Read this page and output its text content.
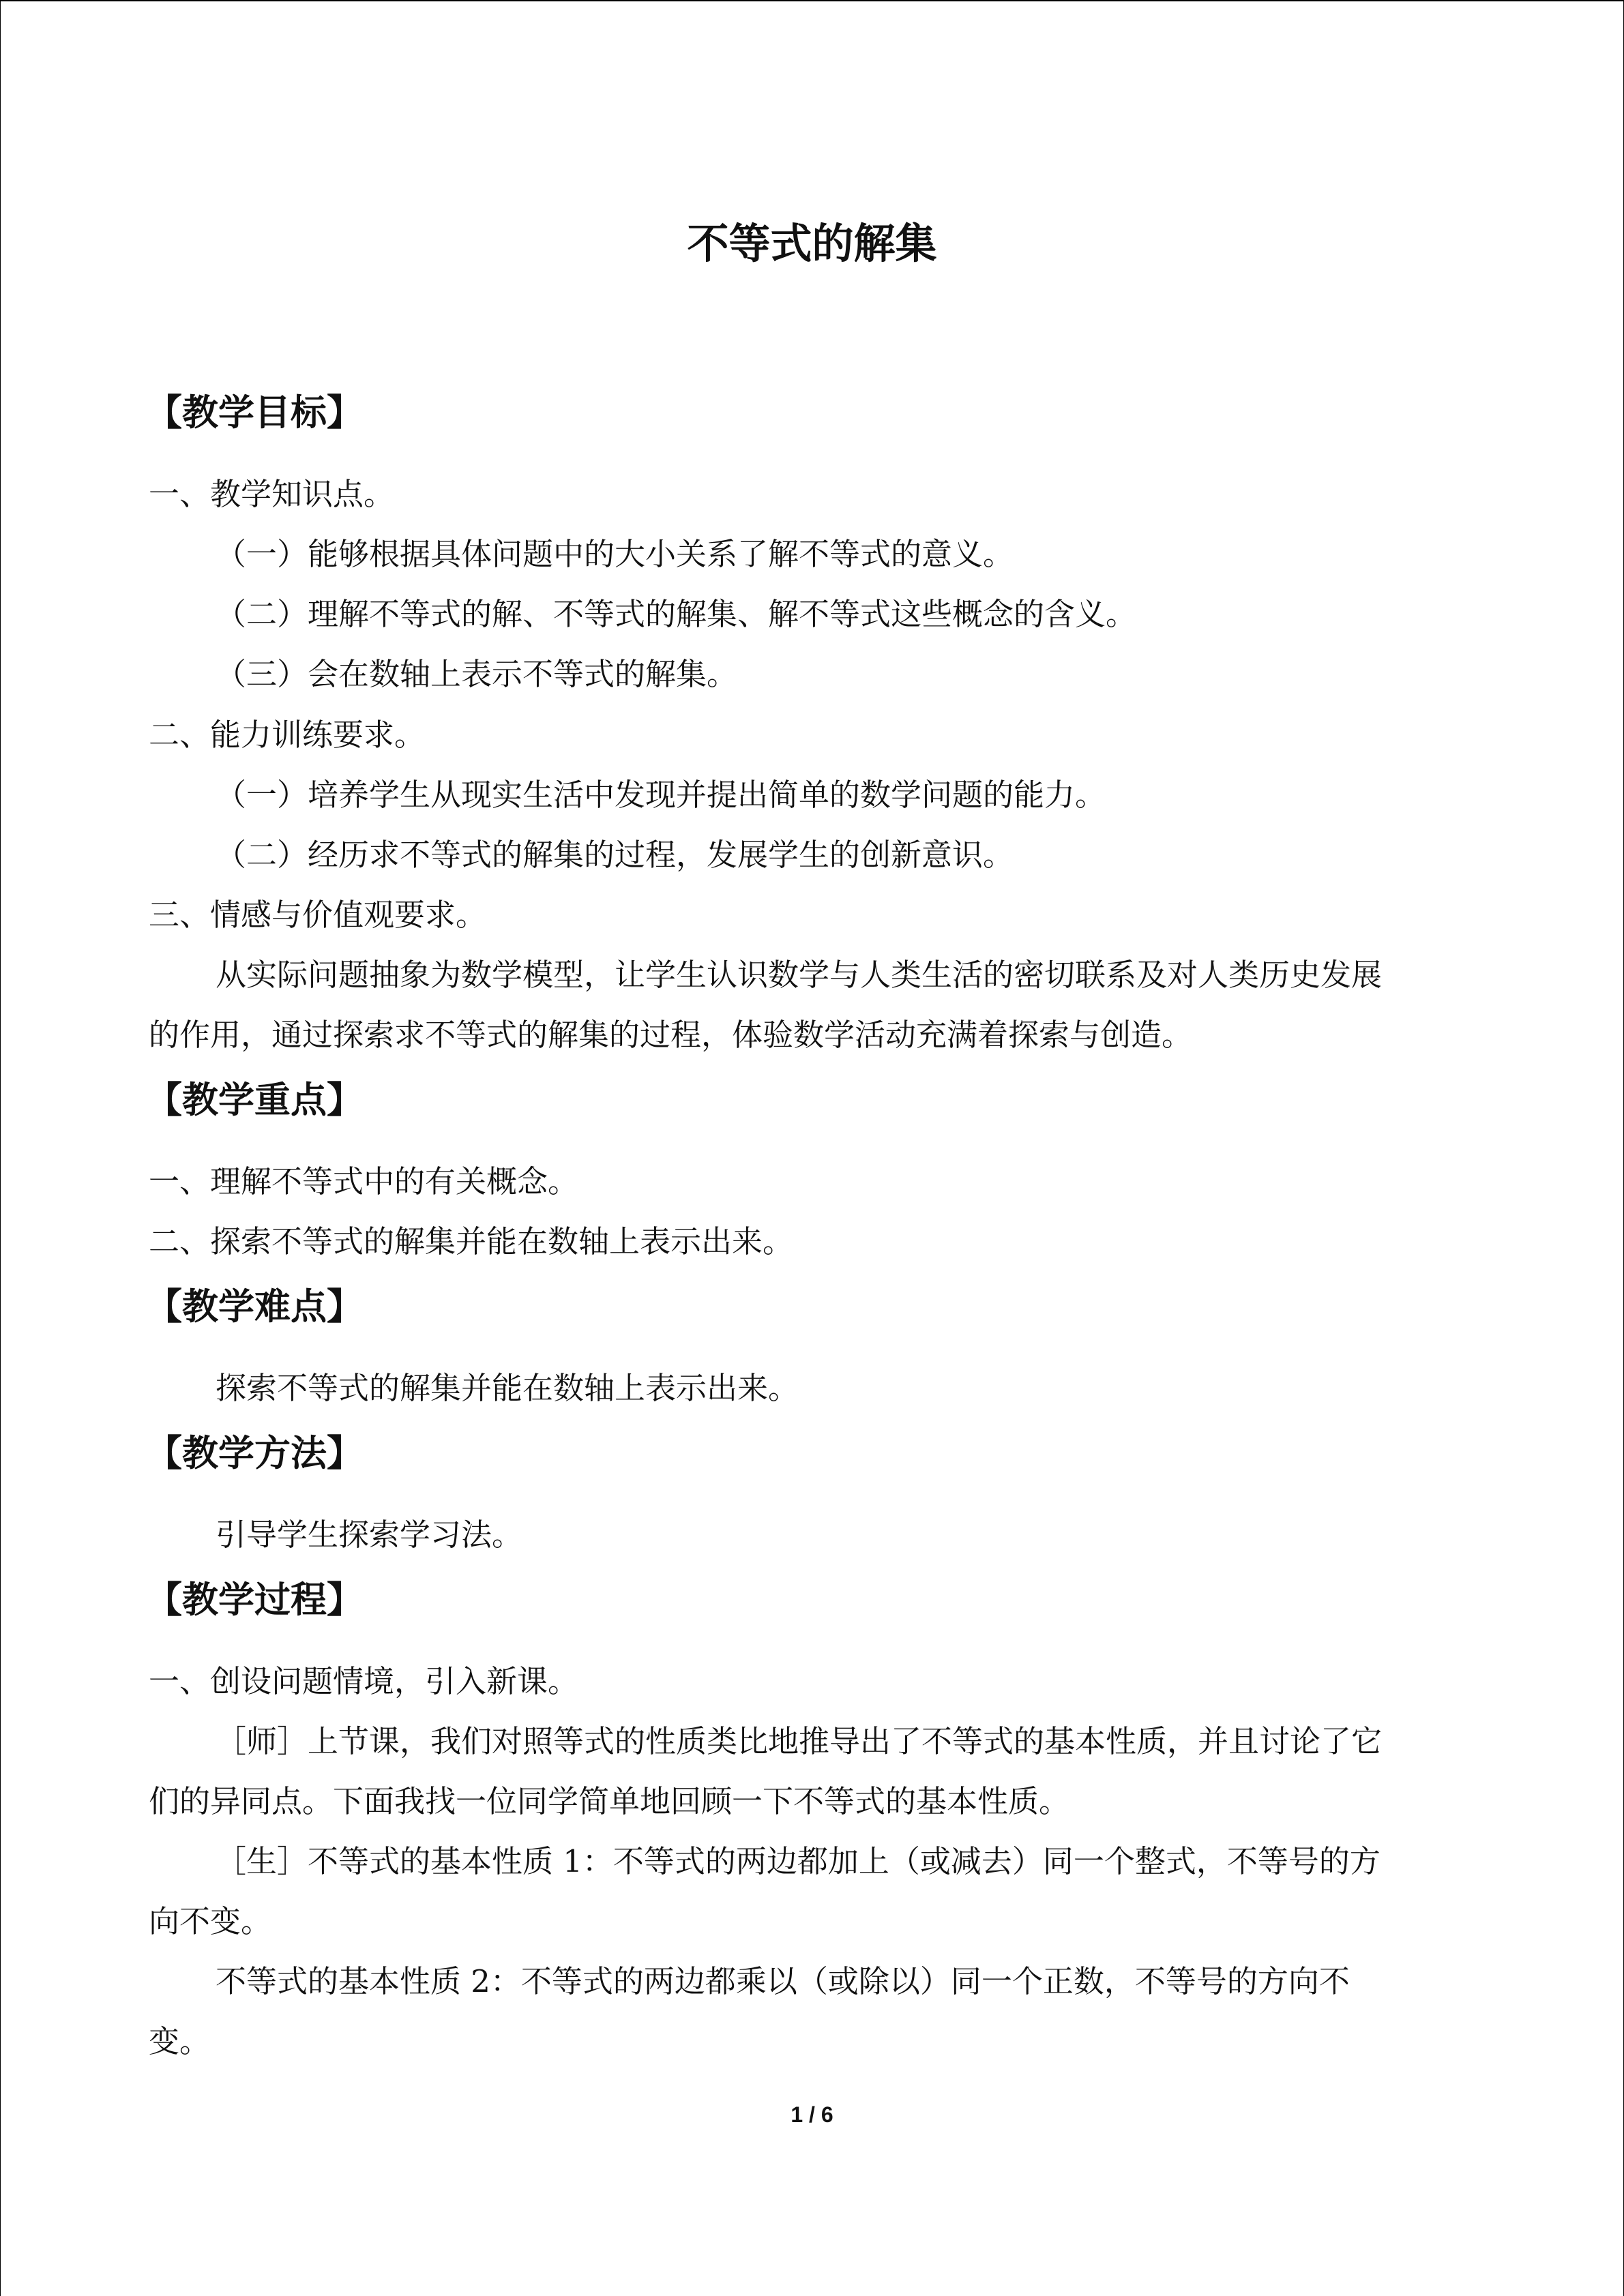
不等式的解集
【教学目标】
一、教学知识点。
（一）能够根据具体问题中的大小关系了解不等式的意义。
（二）理解不等式的解、不等式的解集、解不等式这些概念的含义。
（三）会在数轴上表示不等式的解集。
二、能力训练要求。
（一）培养学生从现实生活中发现并提出简单的数学问题的能力。
（二）经历求不等式的解集的过程，发展学生的创新意识。
三、情感与价值观要求。
从实际问题抽象为数学模型，让学生认识数学与人类生活的密切联系及对人类历史发展
的作用，通过探索求不等式的解集的过程，体验数学活动充满着探索与创造。
【教学重点】
一、理解不等式中的有关概念。
二、探索不等式的解集并能在数轴上表示出来。
【教学难点】
探索不等式的解集并能在数轴上表示出来。
【教学方法】
引导学生探索学习法。
【教学过程】
一、创设问题情境，引入新课。
［师］上节课，我们对照等式的性质类比地推导出了不等式的基本性质，并且讨论了它
们的异同点。下面我找一位同学简单地回顾一下不等式的基本性质。
［生］不等式的基本性质 1：不等式的两边都加上（或减去）同一个整式，不等号的方
向不变。
不等式的基本性质 2：不等式的两边都乘以（或除以）同一个正数，不等号的方向不
变。
1 / 6
